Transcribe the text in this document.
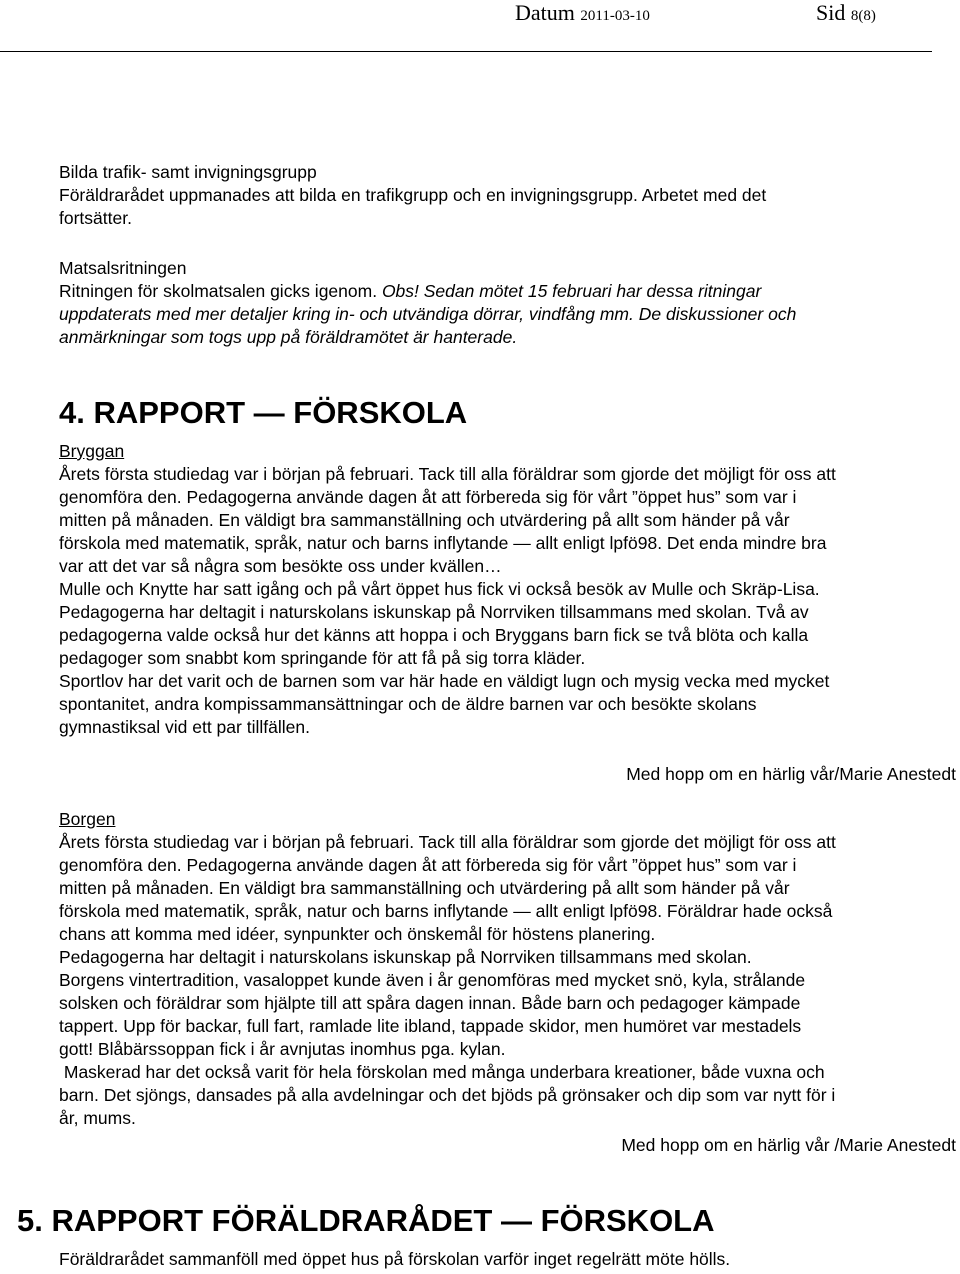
Datum 2011-03-10	Sid 8(8)
Bilda trafik- samt invigningsgrupp
Föräldrarådet uppmanades att bilda en trafikgrupp och en invigningsgrupp. Arbetet med det
fortsätter.
Matsalsritningen
Ritningen för skolmatsalen gicks igenom. Obs! Sedan mötet 15 februari har dessa ritningar
uppdaterats med mer detaljer kring in- och utvändiga dörrar, vindfång mm. De diskussioner och
anmärkningar som togs upp på föräldramötet är hanterade.
4. RAPPORT — FÖRSKOLA
Bryggan
Årets första studiedag var i början på februari. Tack till alla föräldrar som gjorde det möjligt för oss att
genomföra den. Pedagogerna använde dagen åt att förbereda sig för vårt ”öppet hus” som var i
mitten på månaden. En väldigt bra sammanställning och utvärdering på allt som händer på vår
förskola med matematik, språk, natur och barns inflytande — allt enligt lpfö98. Det enda mindre bra
var att det var så några som besökte oss under kvällen…
Mulle och Knytte har satt igång och på vårt öppet hus fick vi också besök av Mulle och Skräp-Lisa.
Pedagogerna har deltagit i naturskolans iskunskap på Norrviken tillsammans med skolan. Två av
pedagogerna valde också hur det känns att hoppa i och Bryggans barn fick se två blöta och kalla
pedagoger som snabbt kom springande för att få på sig torra kläder.
Sportlov har det varit och de barnen som var här hade en väldigt lugn och mysig vecka med mycket
spontanitet, andra kompissammansättningar och de äldre barnen var och besökte skolans
gymnastiksal vid ett par tillfällen.
Med hopp om en härlig vår/Marie Anestedt
Borgen
Årets första studiedag var i början på februari. Tack till alla föräldrar som gjorde det möjligt för oss att
genomföra den. Pedagogerna använde dagen åt att förbereda sig för vårt ”öppet hus” som var i
mitten på månaden. En väldigt bra sammanställning och utvärdering på allt som händer på vår
förskola med matematik, språk, natur och barns inflytande — allt enligt lpfö98. Föräldrar hade också
chans att komma med idéer, synpunkter och önskemål för höstens planering.
Pedagogerna har deltagit i naturskolans iskunskap på Norrviken tillsammans med skolan.
Borgens vintertradition, vasaloppet kunde även i år genomföras med mycket snö, kyla, strålande
solsken och föräldrar som hjälpte till att spåra dagen innan. Både barn och pedagoger kämpade
tappert. Upp för backar, full fart, ramlade lite ibland, tappade skidor, men humöret var mestadels
gott! Blåbärssoppan fick i år avnjutas inomhus pga. kylan.
Maskerad har det också varit för hela förskolan med många underbara kreationer, både vuxna och
barn. Det sjöngs, dansades på alla avdelningar och det bjöds på grönsaker och dip som var nytt för i
år, mums.
Med hopp om en härlig vår /Marie Anestedt
5. RAPPORT FÖRÄLDRARÅDET — FÖRSKOLA
Föräldrarådet sammanföll med öppet hus på förskolan varför inget regelrätt möte hölls.
